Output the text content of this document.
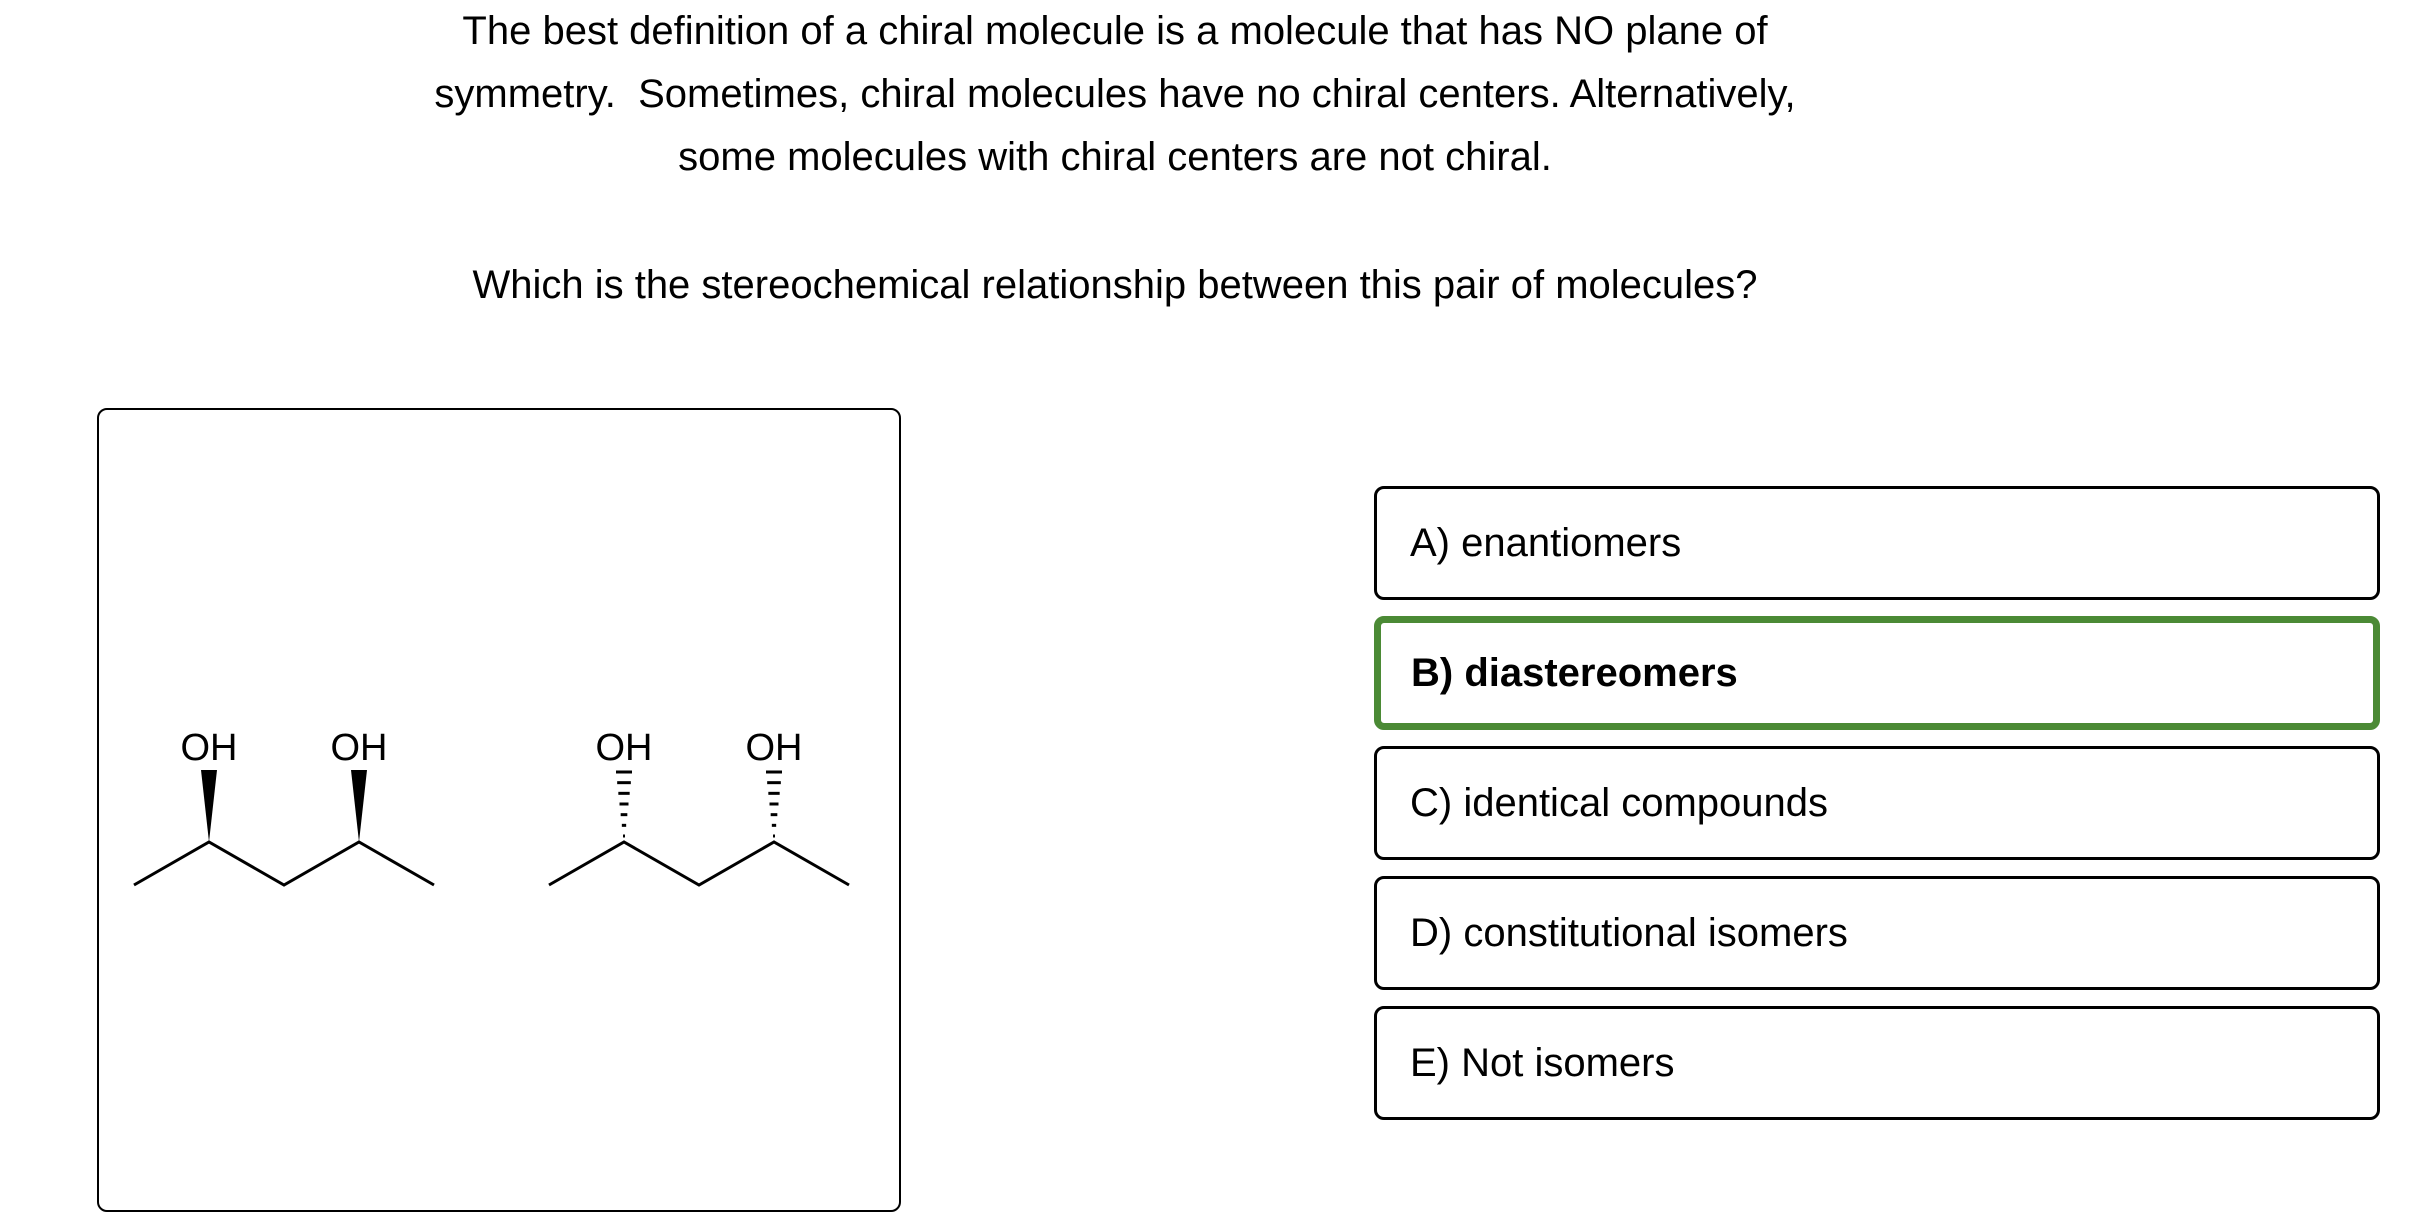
The best definition of a chiral molecule is a molecule that has NO plane of
symmetry.  Sometimes, chiral molecules have no chiral centers. Alternatively,
some molecules with chiral centers are not chiral.
Which is the stereochemical relationship between this pair of molecules?
OH OH	OH OH
A) enantiomers
B) diastereomers
C) identical compounds
D) constitutional isomers
E) Not isomers
